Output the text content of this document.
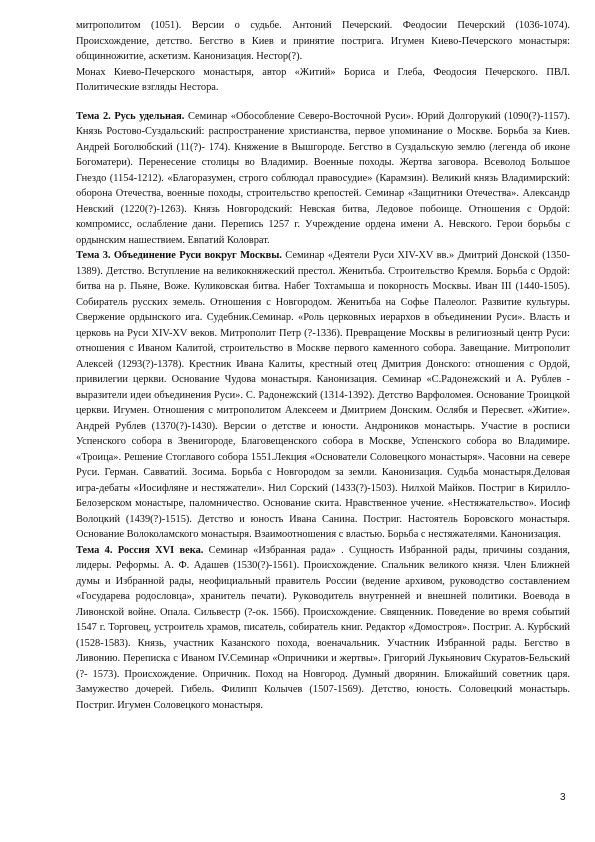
митрополитом (1051). Версии о судьбе. Антоний Печерский. Феодосии Печерский (1036-1074). Происхождение, детство. Бегство в Киев и принятие пострига. Игумен Киево-Печерского монастыря: общинножитие, аскетизм. Канонизация. Нестор(?).

Монах Киево-Печерского монастыря, автор «Житий» Бориса и Глеба, Феодосия Печерского. ПВЛ. Политические взгляды Нестора.

Тема 2. Русь удельная. Семинар «Обособление Северо-Восточной Руси». Юрий Долгорукий (1090(?)-1157). Князь Ростово-Суздальский: распространение христианства, первое упоминание о Москве. Борьба за Киев. Андрей Боголюбский (11(?)- 174). Княжение в Вышгороде. Бегство в Суздальскую землю (легенда об иконе Богоматери). Перенесение столицы во Владимир. Военные походы. Жертва заговора. Всеволод Большое Гнездо (1154-1212). «Благоразумен, строго соблюдал правосудие» (Карамзин). Великий князь Владимирский: оборона Отечества, военные походы, строительство крепостей. Семинар «Защитники Отечества». Александр Невский (1220(?)-1263). Князь Новгородский: Невская битва, Ледовое побоище. Отношения с Ордой: компромисс, ослабление дани. Перепись 1257 г. Учреждение ордена имени А. Невского. Герои борьбы с ордынским нашествием. Евпатий Коловрат.

Тема 3. Объединение Руси вокруг Москвы. Семинар «Деятели Руси XIV-XV вв.» Дмитрий Донской (1350-1389). Детство. Вступление на великокняжеский престол. Женитьба. Строительство Кремля. Борьба с Ордой: битва на р. Пьяне, Воже. Куликовская битва. Набег Тохтамыша и покорность Москвы. Иван III (1440-1505). Собиратель русских земель. Отношения с Новгородом. Женитьба на Софье Палеолог. Развитие культуры. Свержение ордынского ига. Судебник.Семинар. «Роль церковных иерархов в объединении Руси». Власть и церковь на Руси XIV-XV веков. Митрополит Петр (?-1336). Превращение Москвы в религиозный центр Руси: отношения с Иваном Калитой, строительство в Москве первого каменного собора. Завещание. Митрополит Алексей (1293(?)-1378). Крестник Ивана Калиты, крестный отец Дмитрия Донского: отношения с Ордой, привилегии церкви. Основание Чудова монастыря. Канонизация. Семинар «С.Радонежский и А. Рублев - выразители идеи объединения Руси». С. Радонежский (1314-1392). Детство Варфоломея. Основание Троицкой церкви. Игумен. Отношения с митрополитом Алексеем и Дмитрием Донским. Ослябя и Пересвет. «Житие». Андрей Рублев (1370(?)-1430). Версии о детстве и юности. Андроников монастырь. Участие в росписи Успенского собора в Звенигороде, Благовещенского собора в Москве, Успенского собора во Владимире. «Троица». Решение Стоглавого собора 1551.Лекция «Основатели Соловецкого монастыря». Часовни на севере Руси. Герман. Савватий. Зосима. Борьба с Новгородом за земли. Канонизация. Судьба монастыря.Деловая игра-дебаты «Иосифляне и нестяжатели». Нил Сорский (1433(?)-1503). Нилхой Майков. Постриг в Кирилло-Белозерском монастыре, паломничество. Основание скита. Нравственное учение. «Нестяжательство». Иосиф Волоцкий (1439(?)-1515). Детство и юность Ивана Санина. Постриг. Настоятель Боровского монастыря. Основание Волоколамского монастыря. Взаимоотношения с властью. Борьба с нестяжателями. Канонизация.

Тема 4. Россия XVI века. Семинар «Избранная рада» . Сущность Избранной рады, причины создания, лидеры. Реформы. А. Ф. Адашев (1530(?)-1561). Происхождение. Спальник великого князя. Член Ближней думы и Избранной рады, неофициальный правитель России (ведение архивом, руководство составлением «Государева родословца», хранитель печати). Руководитель внутренней и внешней политики. Воевода в Ливонской войне. Опала. Сильвестр (?-ок. 1566). Происхождение. Священник. Поведение во время событий 1547 г. Торговец, устроитель храмов, писатель, собиратель книг. Редактор «Домостроя». Постриг. А. Курбский (1528-1583). Князь, участник Казанского похода, военачальник. Участник Избранной рады. Бегство в Ливонию. Переписка с Иваном IV.Семинар «Опричники и жертвы». Григорий Лукьянович Скуратов-Бельский (?- 1573). Происхождение. Опричник. Поход на Новгород. Думный дворянин. Ближайший советник царя. Замужество дочерей. Гибель. Филипп Колычев (1507-1569). Детство, юность. Соловецкий монастырь. Постриг. Игумен Соловецкого монастыря.

3
